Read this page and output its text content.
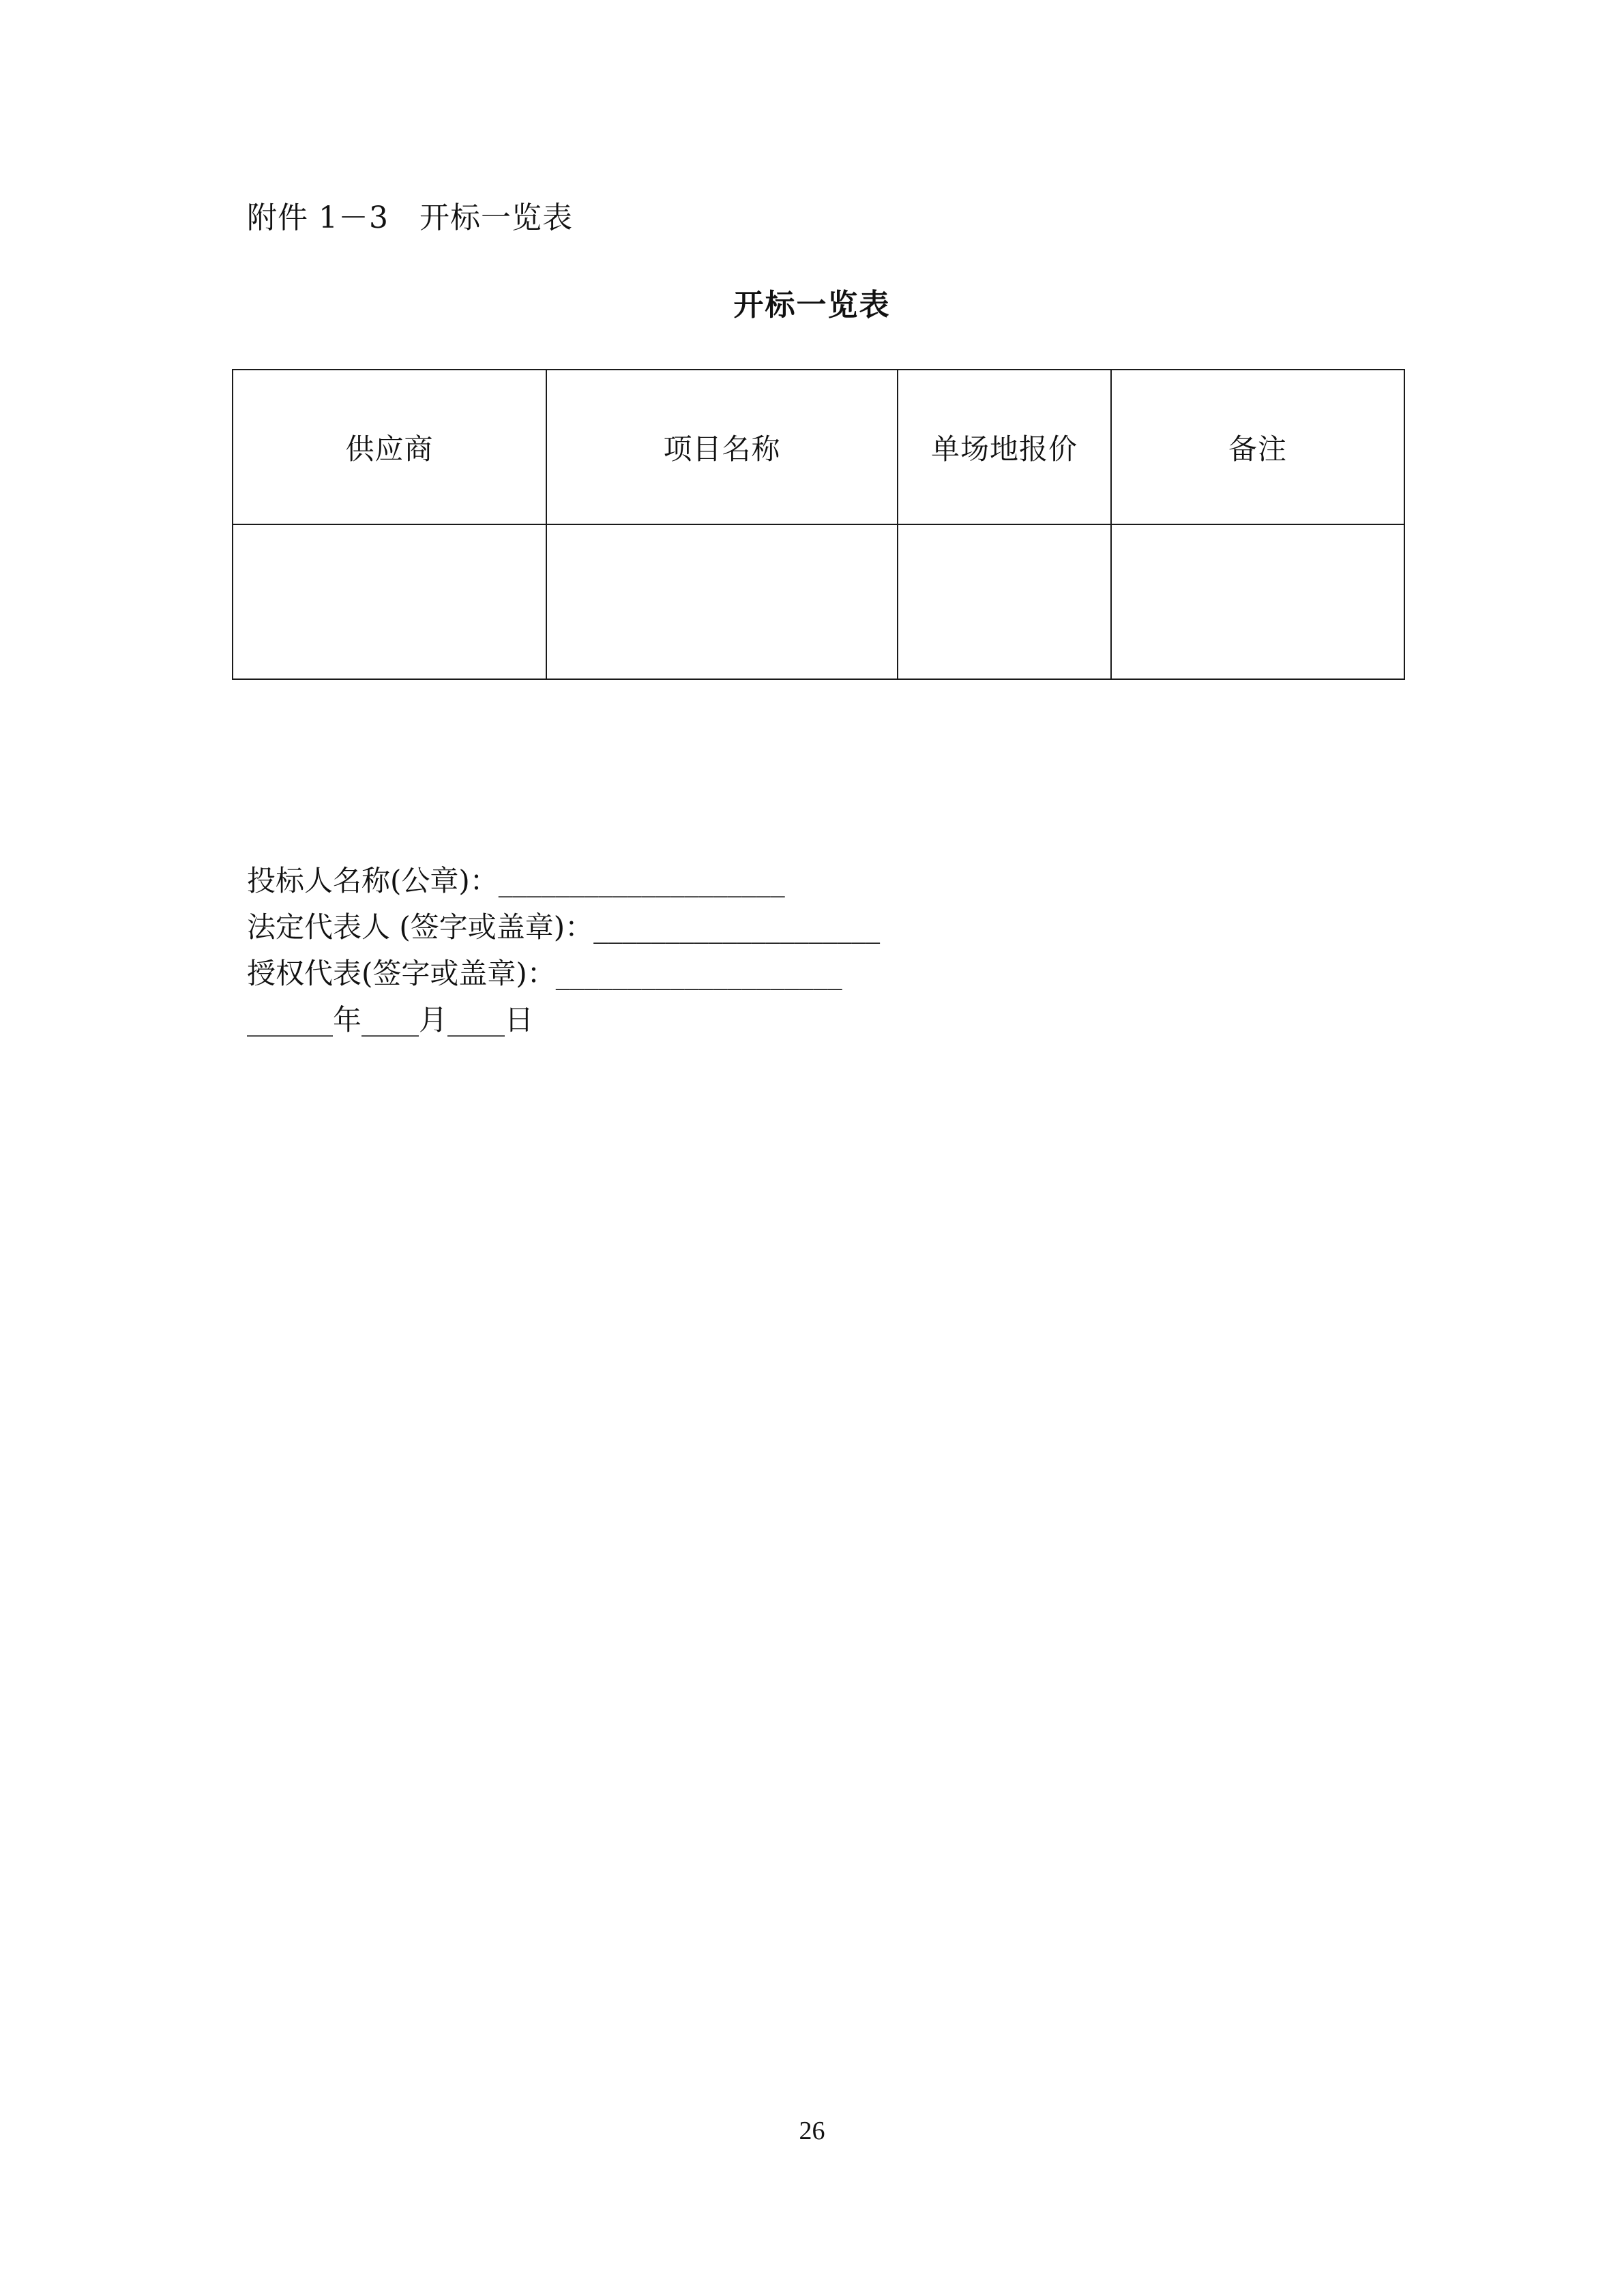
附件 1－3　开标一览表
开标一览表
供应商	项目名称	单场地报价	备注

投标人名称(公章)：____________________
法定代表人 (签字或盖章)：____________________
授权代表(签字或盖章)：____________________
______年____月____日
26
